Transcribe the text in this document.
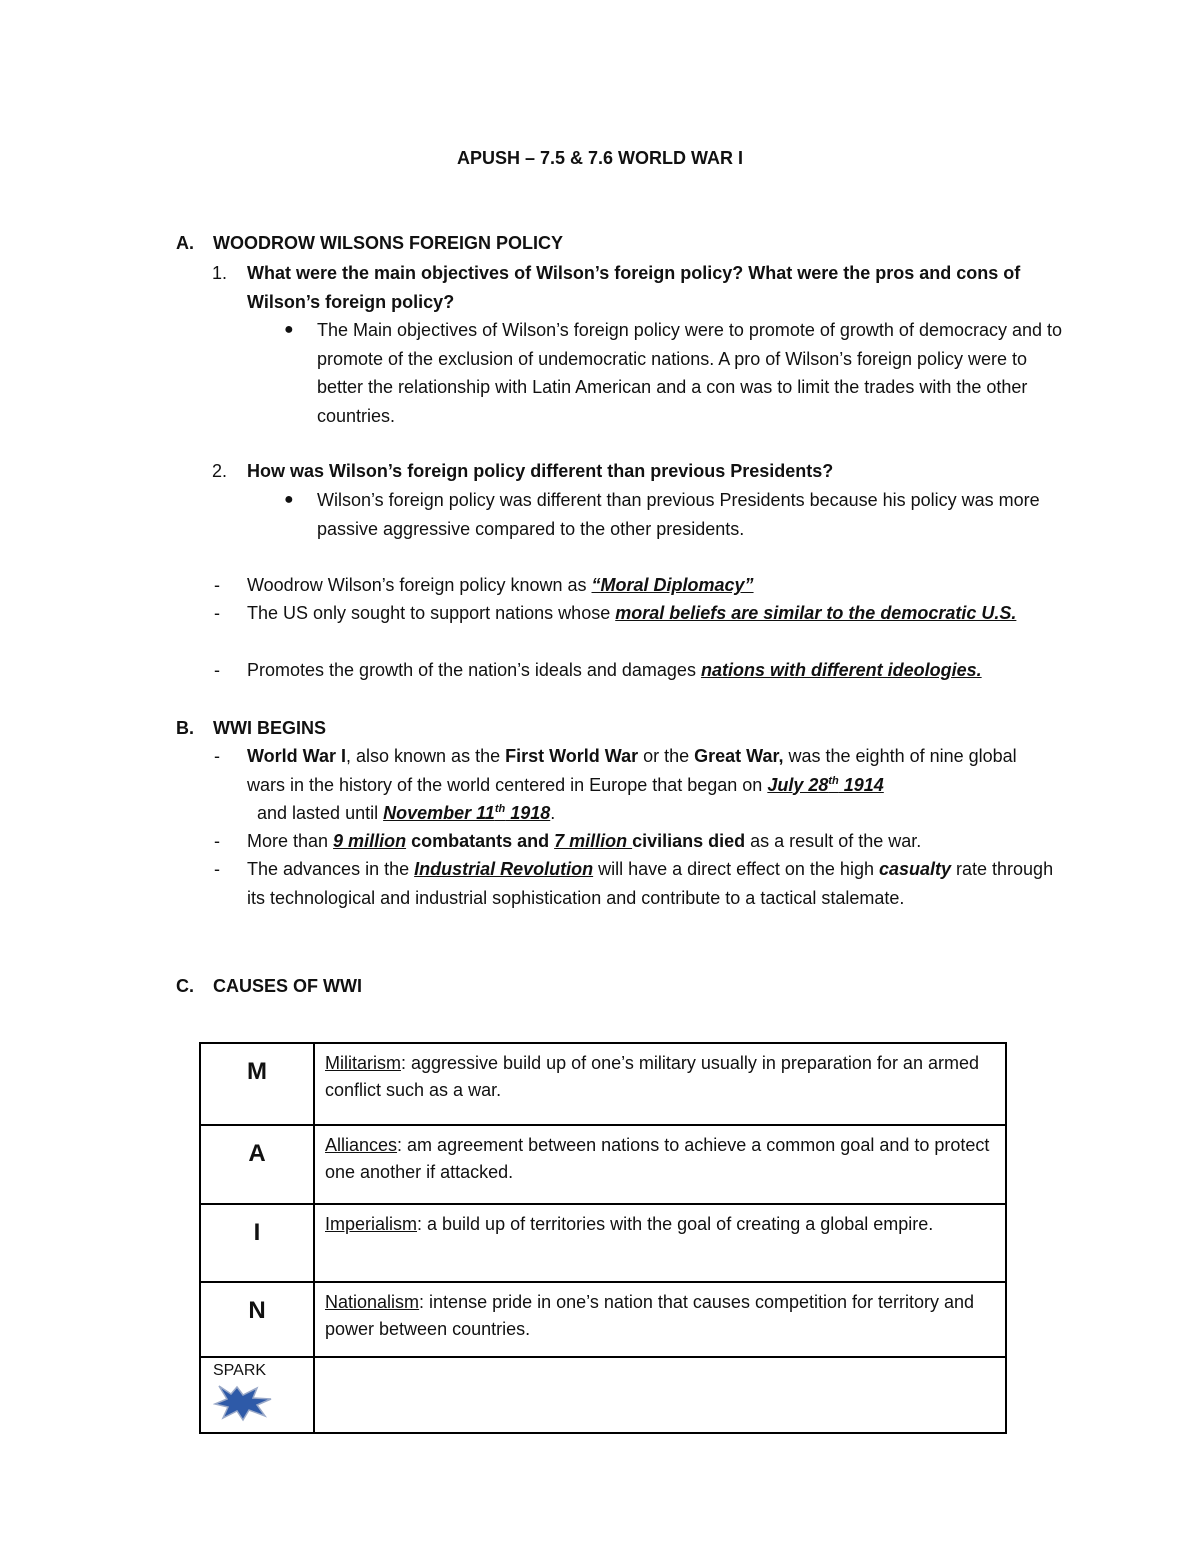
APUSH – 7.5 & 7.6 WORLD WAR I
A. WOODROW WILSONS FOREIGN POLICY
1. What were the main objectives of Wilson’s foreign policy? What were the pros and cons of Wilson’s foreign policy?
● The Main objectives of Wilson’s foreign policy were to promote of growth of democracy and to promote of the exclusion of undemocratic nations. A pro of Wilson’s foreign policy were to better the relationship with Latin American and a con was to limit the trades with the other countries.
2. How was Wilson’s foreign policy different than previous Presidents?
● Wilson’s foreign policy was different than previous Presidents because his policy was more passive aggressive compared to the other presidents.
- Woodrow Wilson’s foreign policy known as “Moral Diplomacy”
- The US only sought to support nations whose moral beliefs are similar to the democratic U.S.
- Promotes the growth of the nation’s ideals and damages nations with different ideologies.
B. WWI BEGINS
- World War I, also known as the First World War or the Great War, was the eighth of nine global wars in the history of the world centered in Europe that began on July 28th 1914  and lasted until November 11th 1918.
- More than 9 million combatants and 7 million civilians died as a result of the war.
- The advances in the Industrial Revolution will have a direct effect on the high casualty rate through its technological and industrial sophistication and contribute to a tactical stalemate.
C. CAUSES OF WWI
M	Militarism: aggressive build up of one’s military usually in preparation for an armed conflict such as a war.

A	Alliances: am agreement between nations to achieve a common goal and to protect one another if attacked.

I	Imperialism: a build up of territories with the goal of creating a global empire.

N	Nationalism: intense pride in one’s nation that causes competition for territory and power between countries.

SPARK	
